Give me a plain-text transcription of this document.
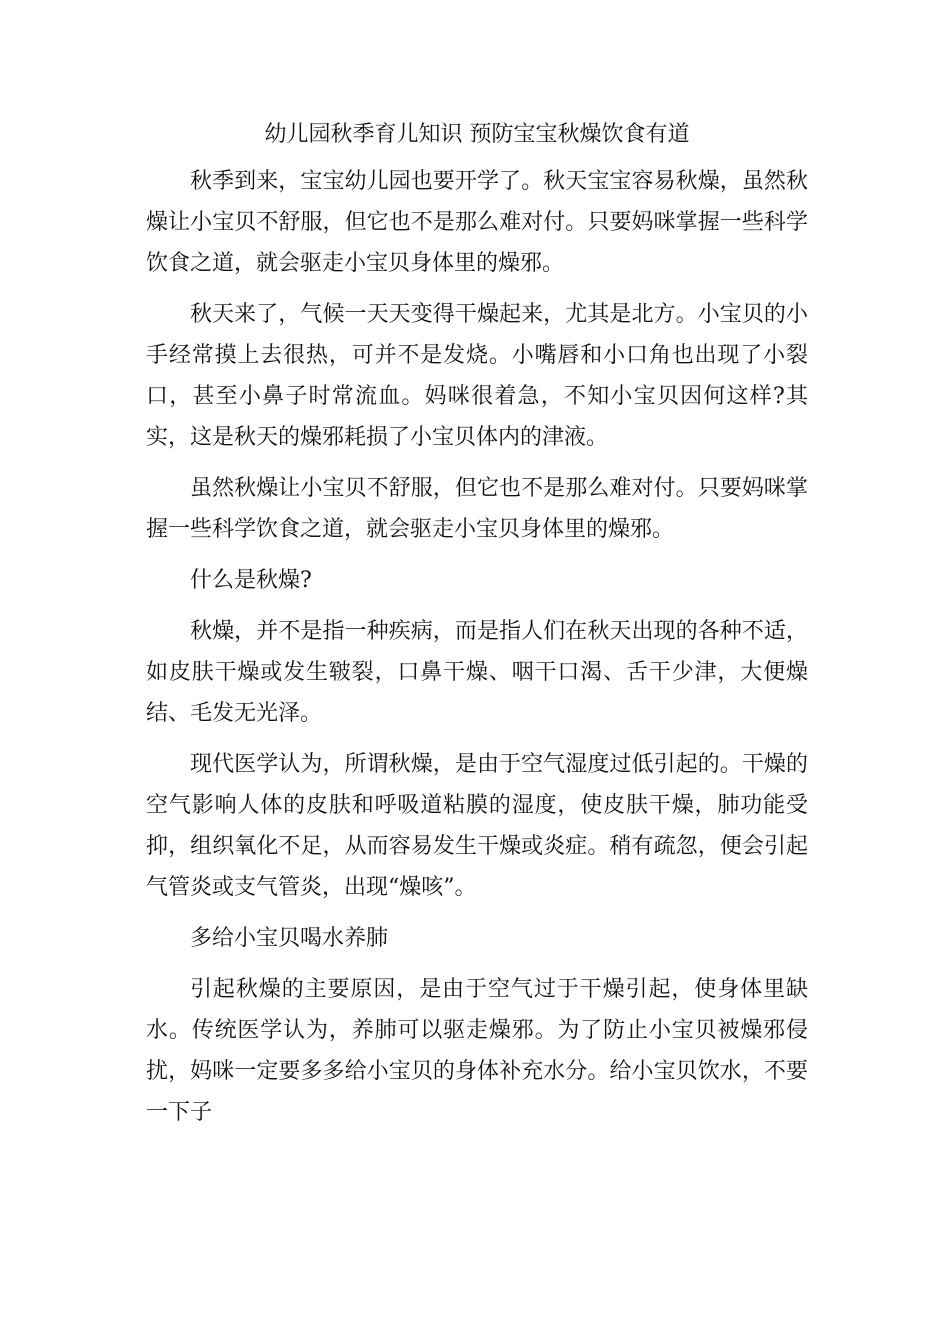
幼儿园秋季育儿知识 预防宝宝秋燥饮食有道

秋季到来，宝宝幼儿园也要开学了。秋天宝宝容易秋燥，虽然秋燥让小宝贝不舒服，但它也不是那么难对付。只要妈咪掌握一些科学饮食之道，就会驱走小宝贝身体里的燥邪。

秋天来了，气候一天天变得干燥起来，尤其是北方。小宝贝的小手经常摸上去很热，可并不是发烧。小嘴唇和小口角也出现了小裂口，甚至小鼻子时常流血。妈咪很着急，不知小宝贝因何这样?其实，这是秋天的燥邪耗损了小宝贝体内的津液。

虽然秋燥让小宝贝不舒服，但它也不是那么难对付。只要妈咪掌握一些科学饮食之道，就会驱走小宝贝身体里的燥邪。

什么是秋燥?

秋燥，并不是指一种疾病，而是指人们在秋天出现的各种不适，如皮肤干燥或发生皲裂，口鼻干燥、咽干口渴、舌干少津，大便燥结、毛发无光泽。

现代医学认为，所谓秋燥，是由于空气湿度过低引起的。干燥的空气影响人体的皮肤和呼吸道粘膜的湿度，使皮肤干燥，肺功能受抑，组织氧化不足，从而容易发生干燥或炎症。稍有疏忽，便会引起气管炎或支气管炎，出现“燥咳”。

多给小宝贝喝水养肺

引起秋燥的主要原因，是由于空气过于干燥引起，使身体里缺水。传统医学认为，养肺可以驱走燥邪。为了防止小宝贝被燥邪侵扰，妈咪一定要多多给小宝贝的身体补充水分。给小宝贝饮水，不要一下子
